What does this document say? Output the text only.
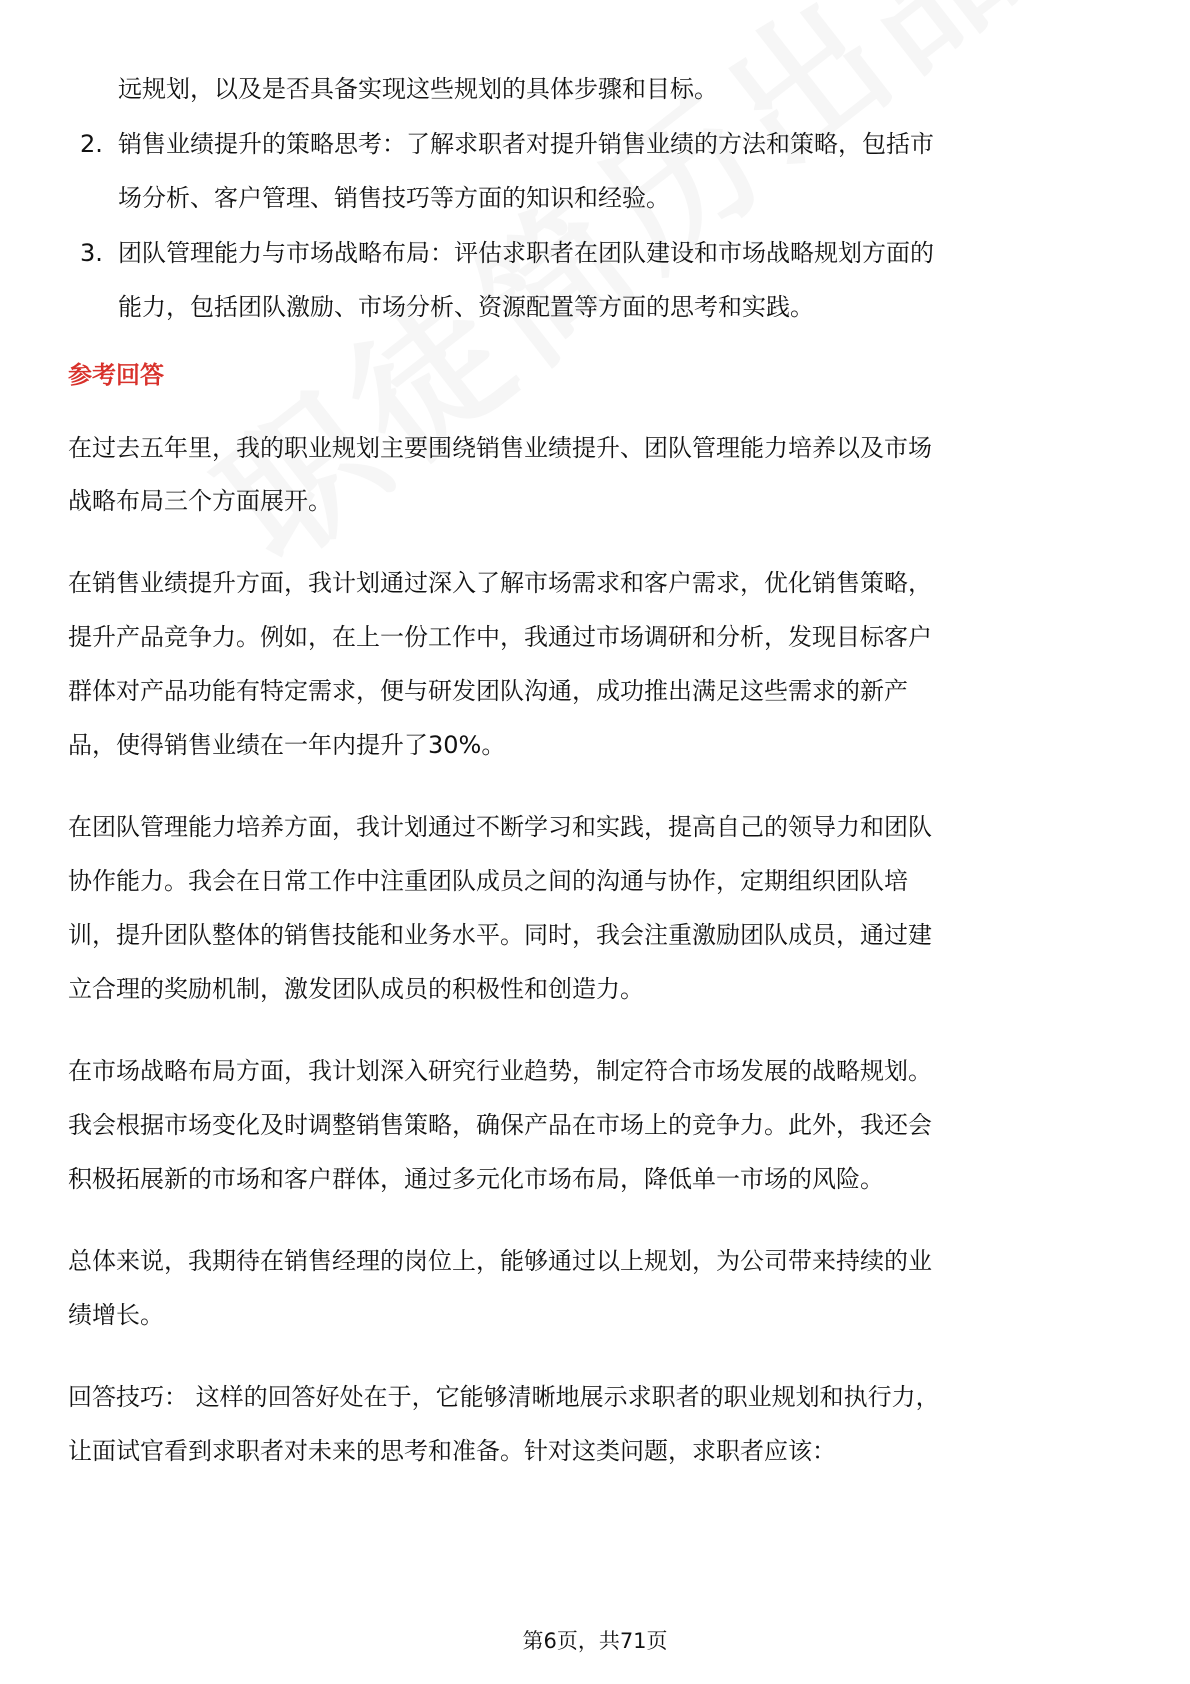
远规划，以及是否具备实现这些规划的具体步骤和目标。
2. 销售业绩提升的策略思考：了解求职者对提升销售业绩的方法和策略，包括市
场分析、客户管理、销售技巧等方面的知识和经验。
3. 团队管理能力与市场战略布局：评估求职者在团队建设和市场战略规划方面的
能力，包括团队激励、市场分析、资源配置等方面的思考和实践。
参考回答
在过去五年里，我的职业规划主要围绕销售业绩提升、团队管理能力培养以及市场
战略布局三个方面展开。
在销售业绩提升方面，我计划通过深入了解市场需求和客户需求，优化销售策略，
提升产品竞争力。例如，在上一份工作中，我通过市场调研和分析，发现目标客户
群体对产品功能有特定需求，便与研发团队沟通，成功推出满足这些需求的新产
品，使得销售业绩在一年内提升了30%。
在团队管理能力培养方面，我计划通过不断学习和实践，提高自己的领导力和团队
协作能力。我会在日常工作中注重团队成员之间的沟通与协作，定期组织团队培
训，提升团队整体的销售技能和业务水平。同时，我会注重激励团队成员，通过建
立合理的奖励机制，激发团队成员的积极性和创造力。
在市场战略布局方面，我计划深入研究行业趋势，制定符合市场发展的战略规划。
我会根据市场变化及时调整销售策略，确保产品在市场上的竞争力。此外，我还会
积极拓展新的市场和客户群体，通过多元化市场布局，降低单一市场的风险。
总体来说，我期待在销售经理的岗位上，能够通过以上规划，为公司带来持续的业
绩增长。
回答技巧： 这样的回答好处在于，它能够清晰地展示求职者的职业规划和执行力，
让面试官看到求职者对未来的思考和准备。针对这类问题，求职者应该：
第6页，共71页
